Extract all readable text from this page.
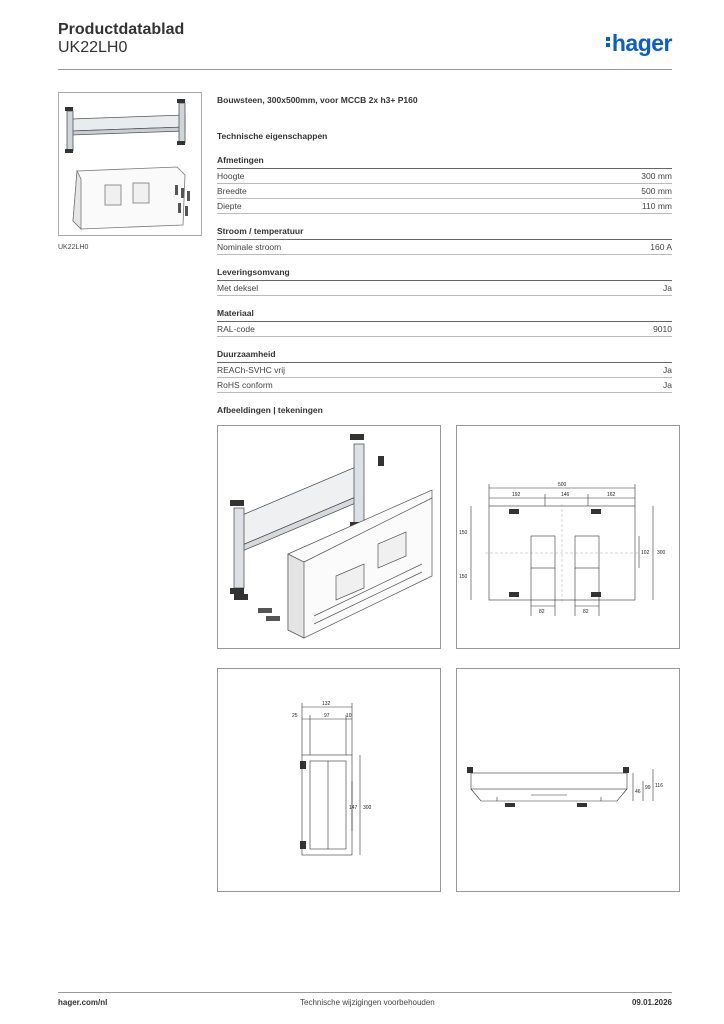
Productdatablad
UK22LH0	hager
UK22LH0
Bouwsteen, 300x500mm, voor MCCB 2x h3+ P160
Technische eigenschappen
Afmetingen
Hoogte	300 mm
Breedte	500 mm
Diepte	110 mm
Stroom / temperatuur
Nominale stroom	160 A
Leveringsomvang
Met deksel	Ja
Materiaal
RAL-code	9010
Duurzaamheid
REACh-SVHC vrij	Ja
RoHS conform	Ja
Afbeeldingen | tekeningen
500
192	146	162
150
150
102 300
82	82
132
25	97	10
147 300
46
99 116
hager.com/nl	Technische wijzigingen voorbehouden	09.01.2026
